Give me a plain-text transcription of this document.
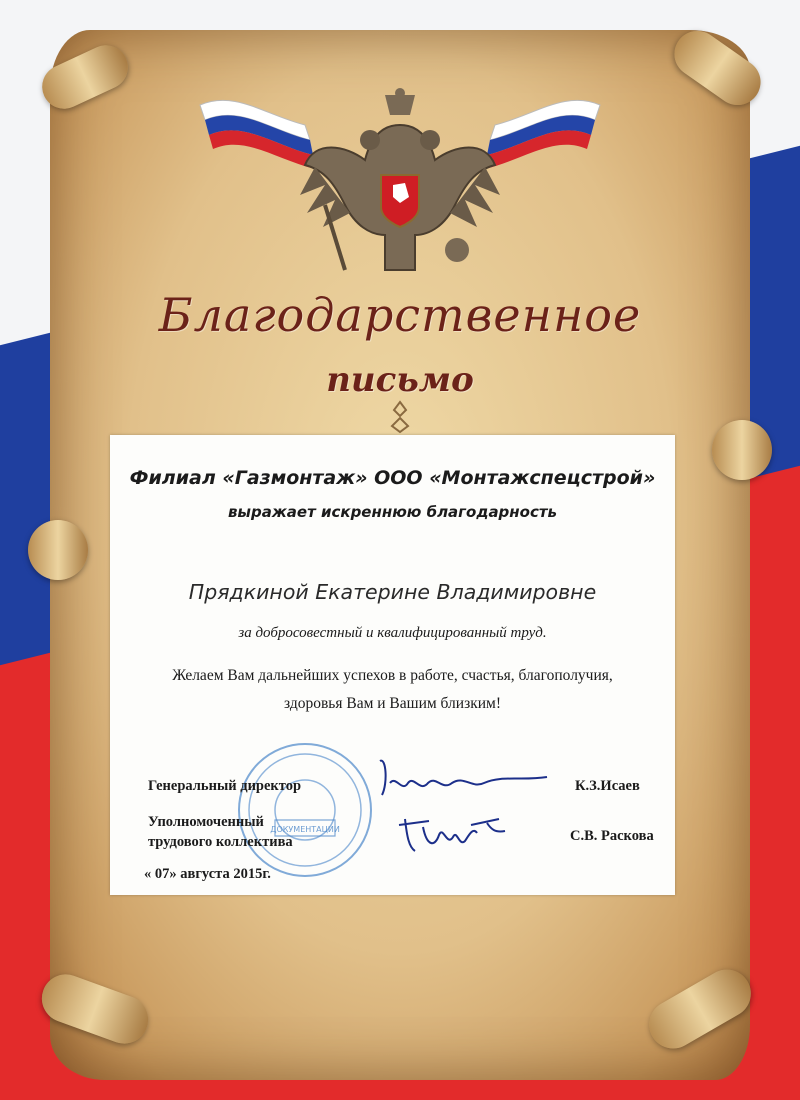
Благодарственное
письмо
Филиал «Газмонтаж» ООО «Монтажспецстрой»
выражает искреннюю благодарность
Прядкиной Екатерине Владимировне
за добросовестный и квалифицированный труд.
Желаем Вам дальнейших успехов в работе, счастья, благополучия,
здоровья Вам и Вашим близким!
ДОКУМЕНТАЦИИ
Генеральный директор	К.З.Исаев
Уполномоченный
трудового коллектива	С.В. Раскова
« 07» августа 2015г.
